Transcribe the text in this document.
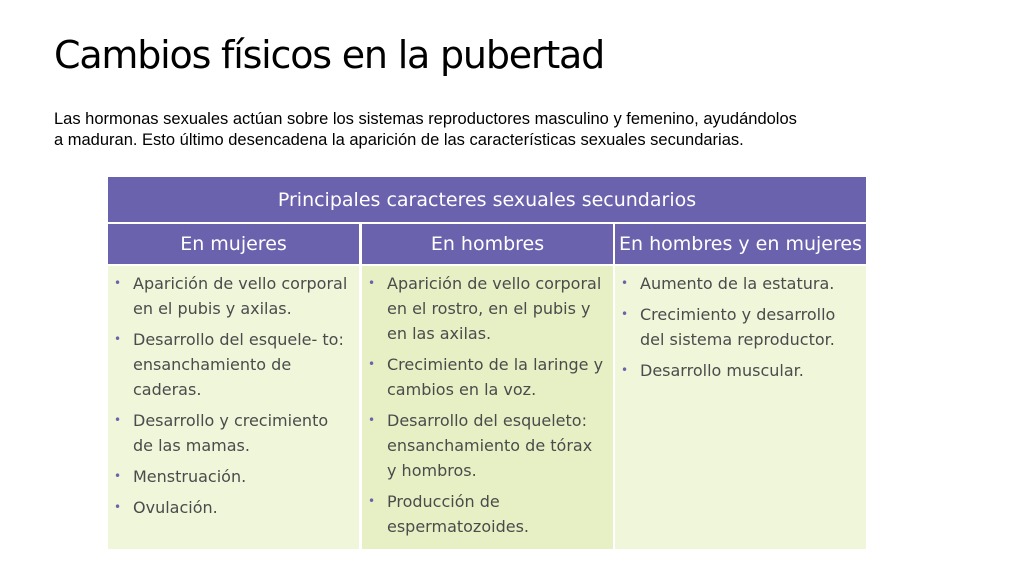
Cambios físicos en la pubertad

Las hormonas sexuales actúan sobre los sistemas reproductores masculino y femenino, ayudándolos
a maduran. Esto último desencadena la aparición de las características sexuales secundarias.

Principales caracteres sexuales secundarios
En mujeres	En hombres	En hombres y en mujeres
• Aparición de vello corporal en el pubis y axilas.
• Desarrollo del esquele- to: ensanchamiento de caderas.
• Desarrollo y crecimiento de las mamas.
• Menstruación.
• Ovulación.
• Aparición de vello corporal en el rostro, en el pubis y en las axilas.
• Crecimiento de la laringe y cambios en la voz.
• Desarrollo del esqueleto: ensanchamiento de tórax y hombros.
• Producción de espermatozoides.
• Aumento de la estatura.
• Crecimiento y desarrollo del sistema reproductor.
• Desarrollo muscular.
